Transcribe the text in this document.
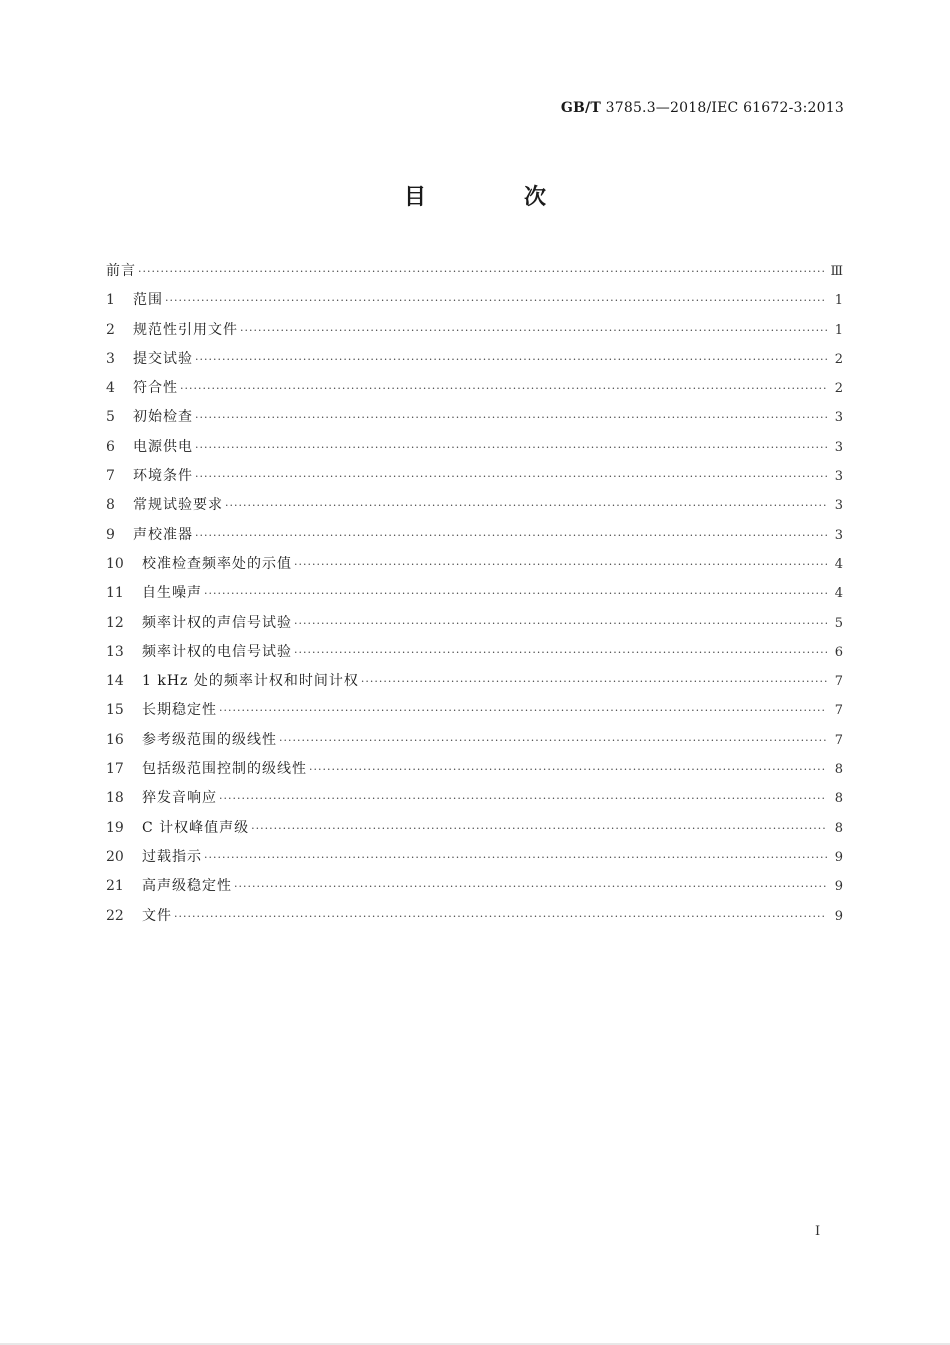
GB/T 3785.3—2018/IEC 61672-3:2013
目　次
前言 ·····	Ⅲ
1	范围 ·····	1
2	规范性引用文件 ·····	1
3	提交试验 ·····	2
4	符合性 ·····	2
5	初始检查 ·····	3
6	电源供电 ·····	3
7	环境条件 ·····	3
8	常规试验要求 ·····	3
9	声校准器 ·····	3
10	校准检查频率处的示值 ·····	4
11	自生噪声 ·····	4
12	频率计权的声信号试验 ·····	5
13	频率计权的电信号试验 ·····	6
14	1 kHz 处的频率计权和时间计权 ·····	7
15	长期稳定性 ·····	7
16	参考级范围的级线性 ·····	7
17	包括级范围控制的级线性 ·····	8
18	猝发音响应 ·····	8
19	C 计权峰值声级 ·····	8
20	过载指示 ·····	9
21	高声级稳定性 ·····	9
22	文件 ·····	9
I
